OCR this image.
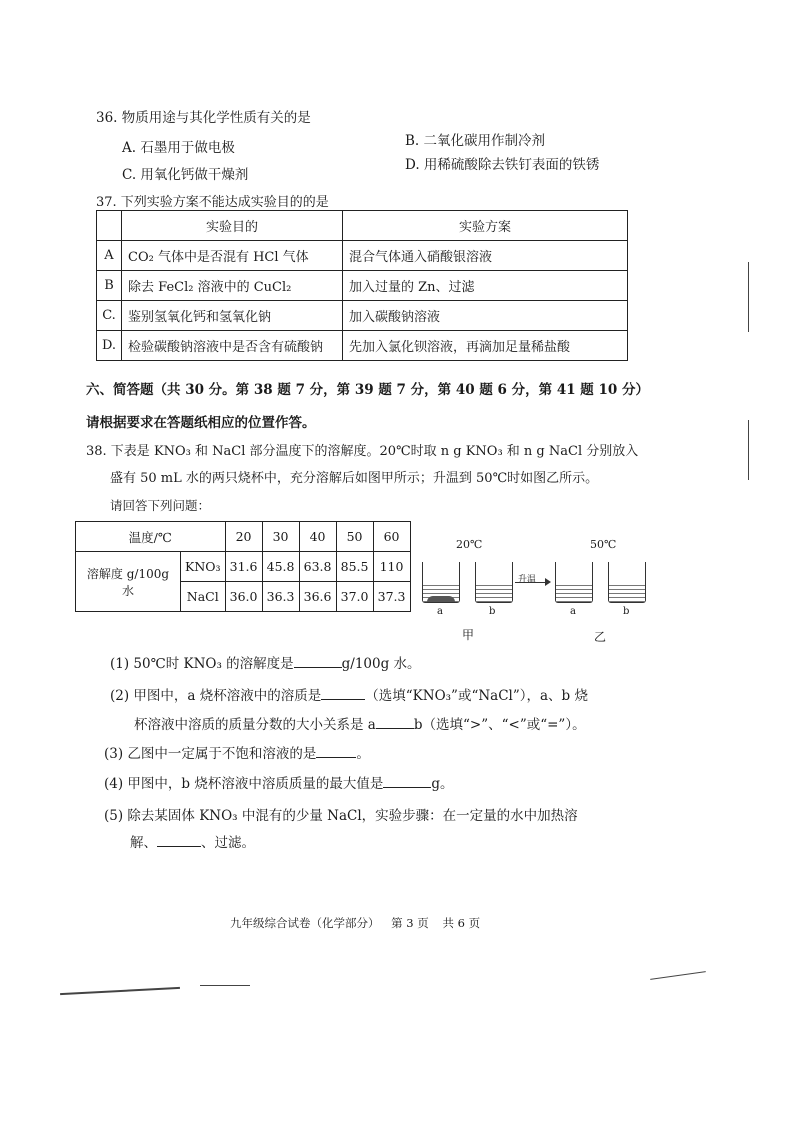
36. 物质用途与其化学性质有关的是
A. 石墨用于做电极	B. 二氧化碳用作制冷剂
C. 用氧化钙做干燥剂
D. 用稀硫酸除去铁钉表面的铁锈
37. 下列实验方案不能达成实验目的的是
	实验目的	实验方案
A	CO₂ 气体中是否混有 HCl 气体	混合气体通入硝酸银溶液
B	除去 FeCl₂ 溶液中的 CuCl₂	加入过量的 Zn、过滤
C.	鉴别氢氧化钙和氢氧化钠	加入碳酸钠溶液
D.	检验碳酸钠溶液中是否含有硫酸钠	先加入氯化钡溶液，再滴加足量稀盐酸
六、简答题（共 30 分。第 38 题 7 分，第 39 题 7 分，第 40 题 6 分，第 41 题 10 分）
请根据要求在答题纸相应的位置作答。
38. 下表是 KNO₃ 和 NaCl 部分温度下的溶解度。20℃时取 n g KNO₃ 和 n g NaCl 分别放入
盛有 50 mL 水的两只烧杯中，充分溶解后如图甲所示；升温到 50℃时如图乙所示。
请回答下列问题：
温度/℃		20	30	40	50	60
溶解度 g/100g 水	KNO₃	31.6	45.8	63.8	85.5	110
	NaCl	36.0	36.3	36.6	37.0	37.3
20℃	50℃
升温
a	b	a	b
甲	乙
(1) 50℃时 KNO₃ 的溶解度是	g/100g 水。
(2) 甲图中，a 烧杯溶液中的溶质是	（选填“KNO₃”或“NaCl”），a、b 烧
杯溶液中溶质的质量分数的大小关系是 a	b（选填“>”、“<”或“=”）。
(3) 乙图中一定属于不饱和溶液的是	。
(4) 甲图中，b 烧杯溶液中溶质质量的最大值是	g。
(5) 除去某固体 KNO₃ 中混有的少量 NaCl，实验步骤：在一定量的水中加热溶
解、	、过滤。
九年级综合试卷（化学部分） 第 3 页 共 6 页
